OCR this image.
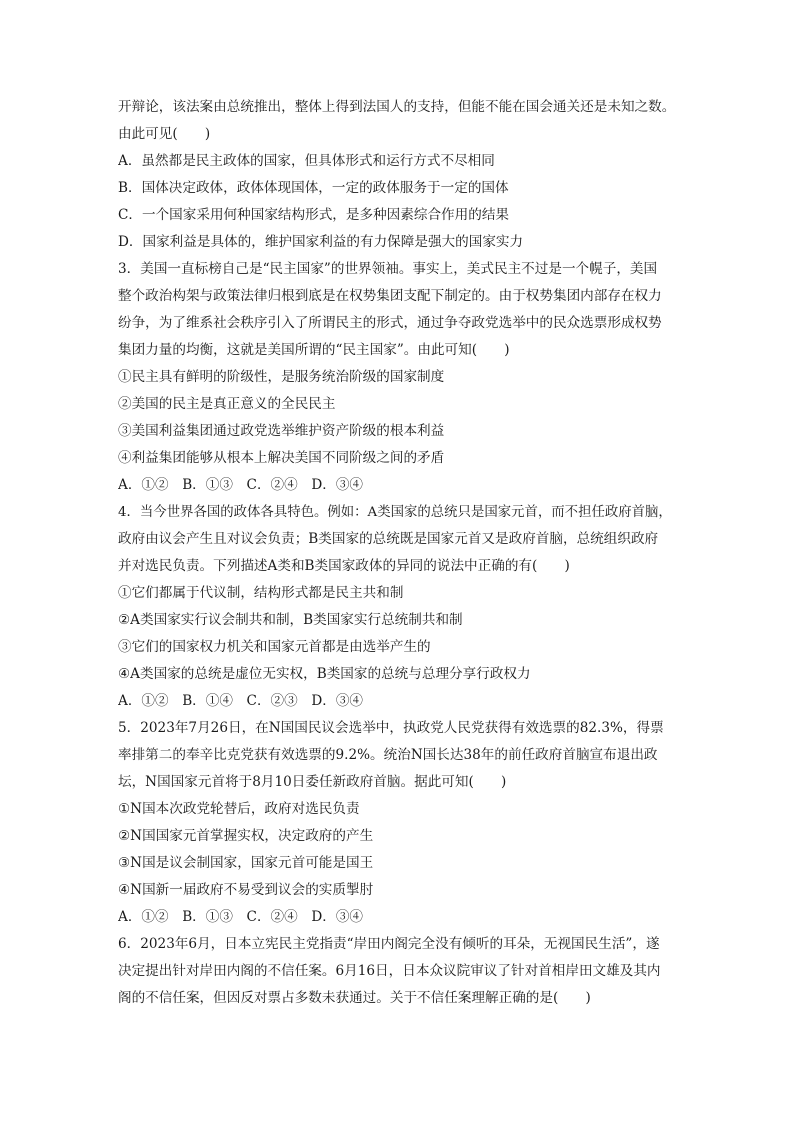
开辩论，该法案由总统推出，整体上得到法国人的支持，但能不能在国会通关还是未知之数。
由此可见(　　)
A．虽然都是民主政体的国家，但具体形式和运行方式不尽相同
B．国体决定政体，政体体现国体，一定的政体服务于一定的国体
C．一个国家采用何种国家结构形式，是多种因素综合作用的结果
D．国家利益是具体的，维护国家利益的有力保障是强大的国家实力
3．美国一直标榜自己是“民主国家”的世界领袖。事实上，美式民主不过是一个幌子，美国
整个政治构架与政策法律归根到底是在权势集团支配下制定的。由于权势集团内部存在权力
纷争，为了维系社会秩序引入了所谓民主的形式，通过争夺政党选举中的民众选票形成权势
集团力量的均衡，这就是美国所谓的“民主国家”。由此可知(　　)
①民主具有鲜明的阶级性，是服务统治阶级的国家制度
②美国的民主是真正意义的全民民主
③美国利益集团通过政党选举维护资产阶级的根本利益
④利益集团能够从根本上解决美国不同阶级之间的矛盾
A．①②　B．①③　C．②④　D．③④
4．当今世界各国的政体各具特色。例如：A类国家的总统只是国家元首，而不担任政府首脑，
政府由议会产生且对议会负责；B类国家的总统既是国家元首又是政府首脑，总统组织政府
并对选民负责。下列描述A类和B类国家政体的异同的说法中正确的有(　　)
①它们都属于代议制，结构形式都是民主共和制
②A类国家实行议会制共和制，B类国家实行总统制共和制
③它们的国家权力机关和国家元首都是由选举产生的
④A类国家的总统是虚位无实权，B类国家的总统与总理分享行政权力
A．①②　B．①④　C．②③　D．③④
5．2023年7月26日，在N国国民议会选举中，执政党人民党获得有效选票的82.3%，得票
率排第二的奉辛比克党获有效选票的9.2%。统治N国长达38年的前任政府首脑宣布退出政
坛，N国国家元首将于8月10日委任新政府首脑。据此可知(　　)
①N国本次政党轮替后，政府对选民负责
②N国国家元首掌握实权，决定政府的产生
③N国是议会制国家，国家元首可能是国王
④N国新一届政府不易受到议会的实质掣肘
A．①②　B．①③　C．②④　D．③④
6．2023年6月，日本立宪民主党指责“岸田内阁完全没有倾听的耳朵，无视国民生活”，遂
决定提出针对岸田内阁的不信任案。6月16日，日本众议院审议了针对首相岸田文雄及其内
阁的不信任案，但因反对票占多数未获通过。关于不信任案理解正确的是(　　)
